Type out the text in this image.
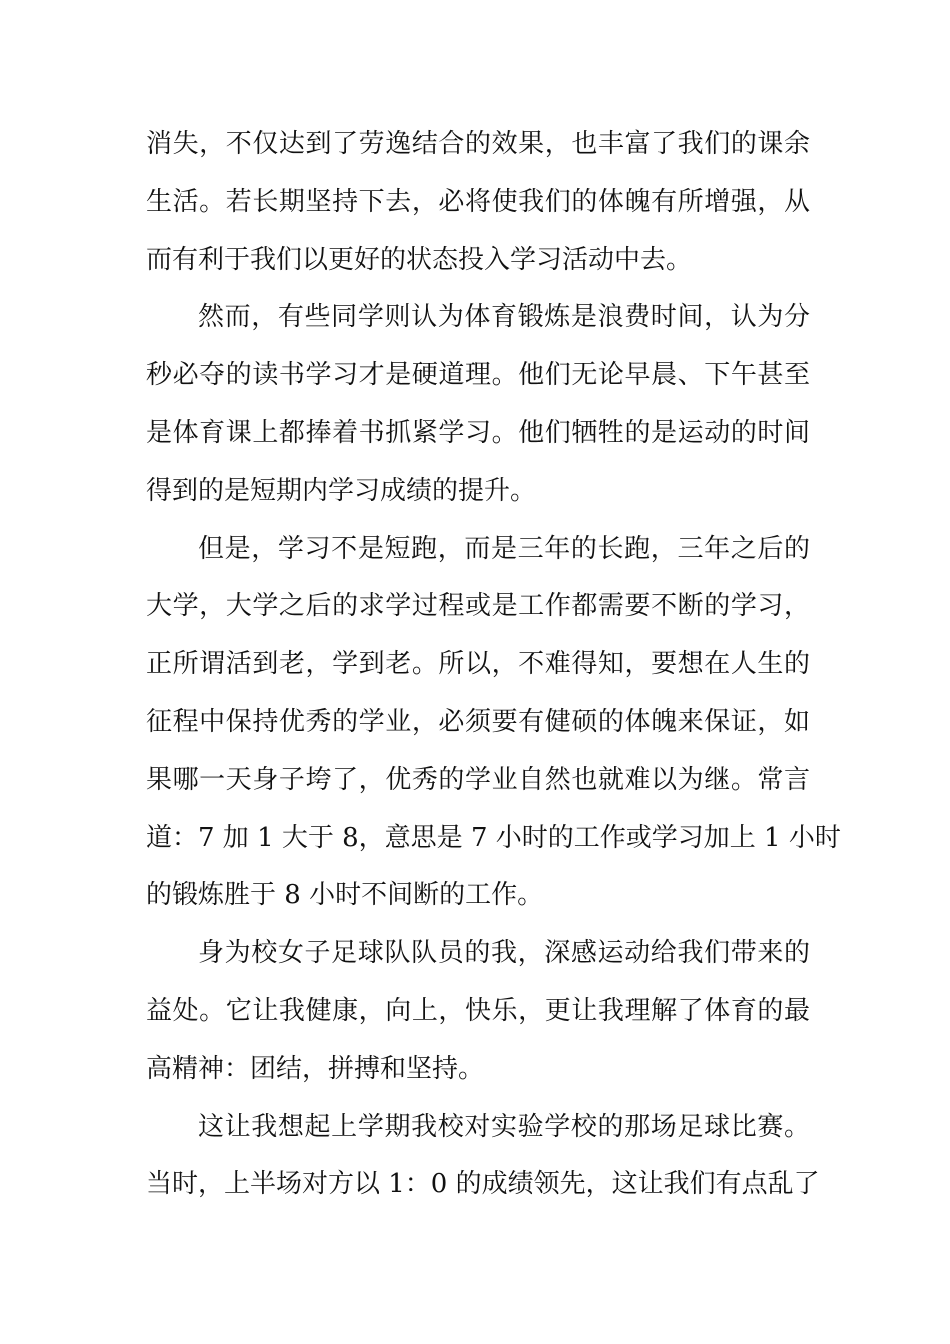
消失，不仅达到了劳逸结合的效果，也丰富了我们的课余
生活。若长期坚持下去，必将使我们的体魄有所增强，从
而有利于我们以更好的状态投入学习活动中去。
然而，有些同学则认为体育锻炼是浪费时间，认为分
秒必夺的读书学习才是硬道理。他们无论早晨、下午甚至
是体育课上都捧着书抓紧学习。他们牺牲的是运动的时间
得到的是短期内学习成绩的提升。
但是，学习不是短跑，而是三年的长跑，三年之后的
大学，大学之后的求学过程或是工作都需要不断的学习，
正所谓活到老，学到老。所以，不难得知，要想在人生的
征程中保持优秀的学业，必须要有健硕的体魄来保证，如
果哪一天身子垮了，优秀的学业自然也就难以为继。常言
道：7 加 1 大于 8，意思是 7 小时的工作或学习加上 1 小时
的锻炼胜于 8 小时不间断的工作。
身为校女子足球队队员的我，深感运动给我们带来的
益处。它让我健康，向上，快乐，更让我理解了体育的最
高精神：团结，拼搏和坚持。
这让我想起上学期我校对实验学校的那场足球比赛。
当时，上半场对方以 1：0 的成绩领先，这让我们有点乱了
